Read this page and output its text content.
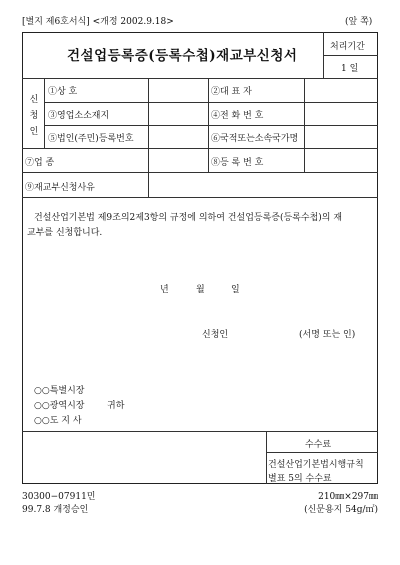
[별지 제6호서식] <개정 2002.9.18>	(앞 쪽)
건설업등록증(등록수첩)재교부신청서
처리기간
1 일
신
청
인
①상 호	②대 표 자
③영업소소재지	④전 화 번 호
⑤법인(주민)등록번호	⑥국적또는소속국가명
⑦업 종	⑧등 록 번 호
⑨재교부신청사유
건설산업기본법 제9조의2제3항의 규정에 의하여 건설업등록증(등록수첩)의 재
교부를 신청합니다.
년	월	일
신청인	(서명 또는 인)
○○특별시장
○○광역시장	귀하
○○도 지 사
수수료
건설산업기본법시행규칙
별표 5의 수수료
30300−07911민
99.7.8 개정승인
210㎜×297㎜
(신문용지 54g/㎡)
